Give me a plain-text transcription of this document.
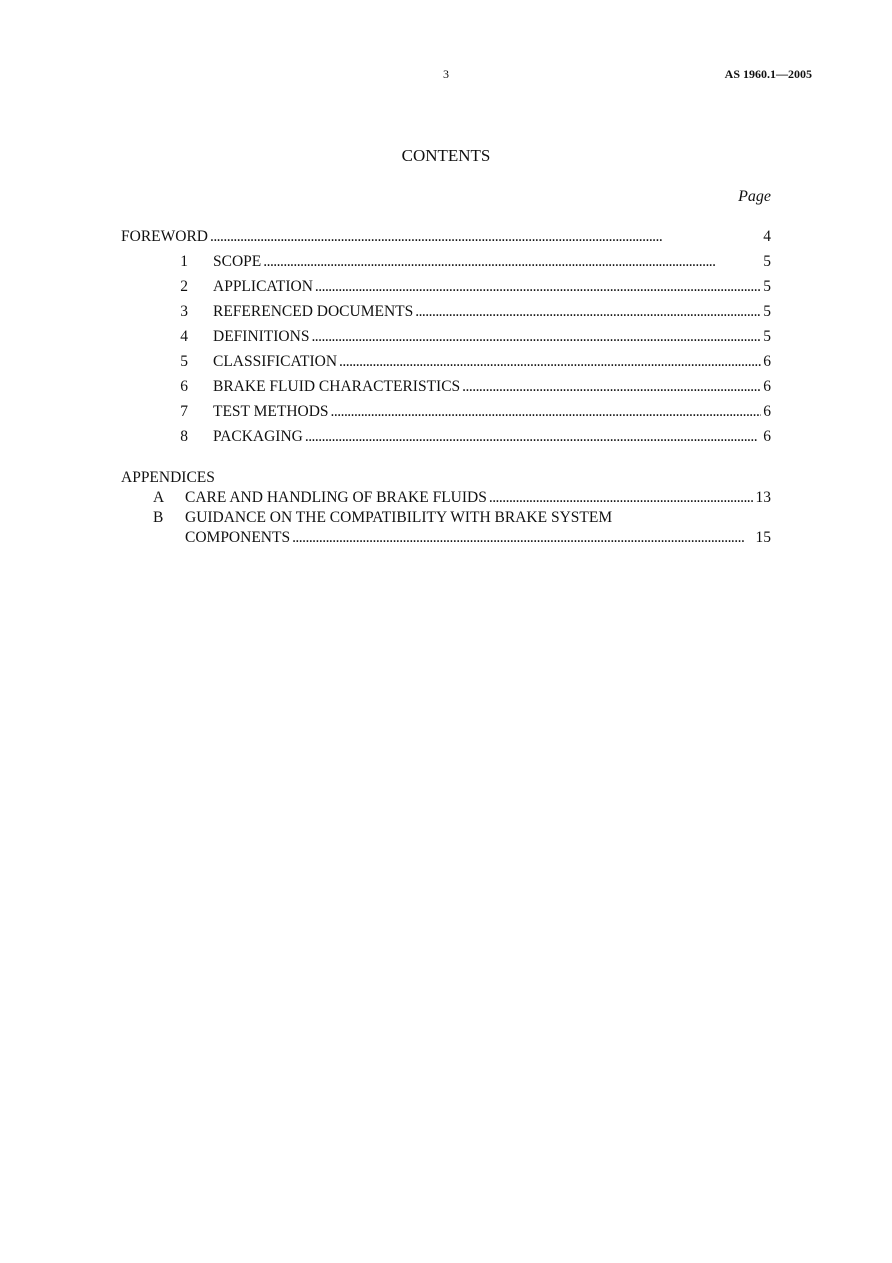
3	AS 1960.1—2005
CONTENTS
Page
FOREWORD . . .	4
1 SCOPE . . .	5
2 APPLICATION . . .	5
3 REFERENCED DOCUMENTS . . .	5
4 DEFINITIONS . . .	5
5 CLASSIFICATION . . .	6
6 BRAKE FLUID CHARACTERISTICS . . .	6
7 TEST METHODS . . .	6
8 PACKAGING . . .	6
APPENDICES
A	CARE AND HANDLING OF BRAKE FLUIDS . . .	13
B	GUIDANCE ON THE COMPATIBILITY WITH BRAKE SYSTEM
COMPONENTS . . .	15
